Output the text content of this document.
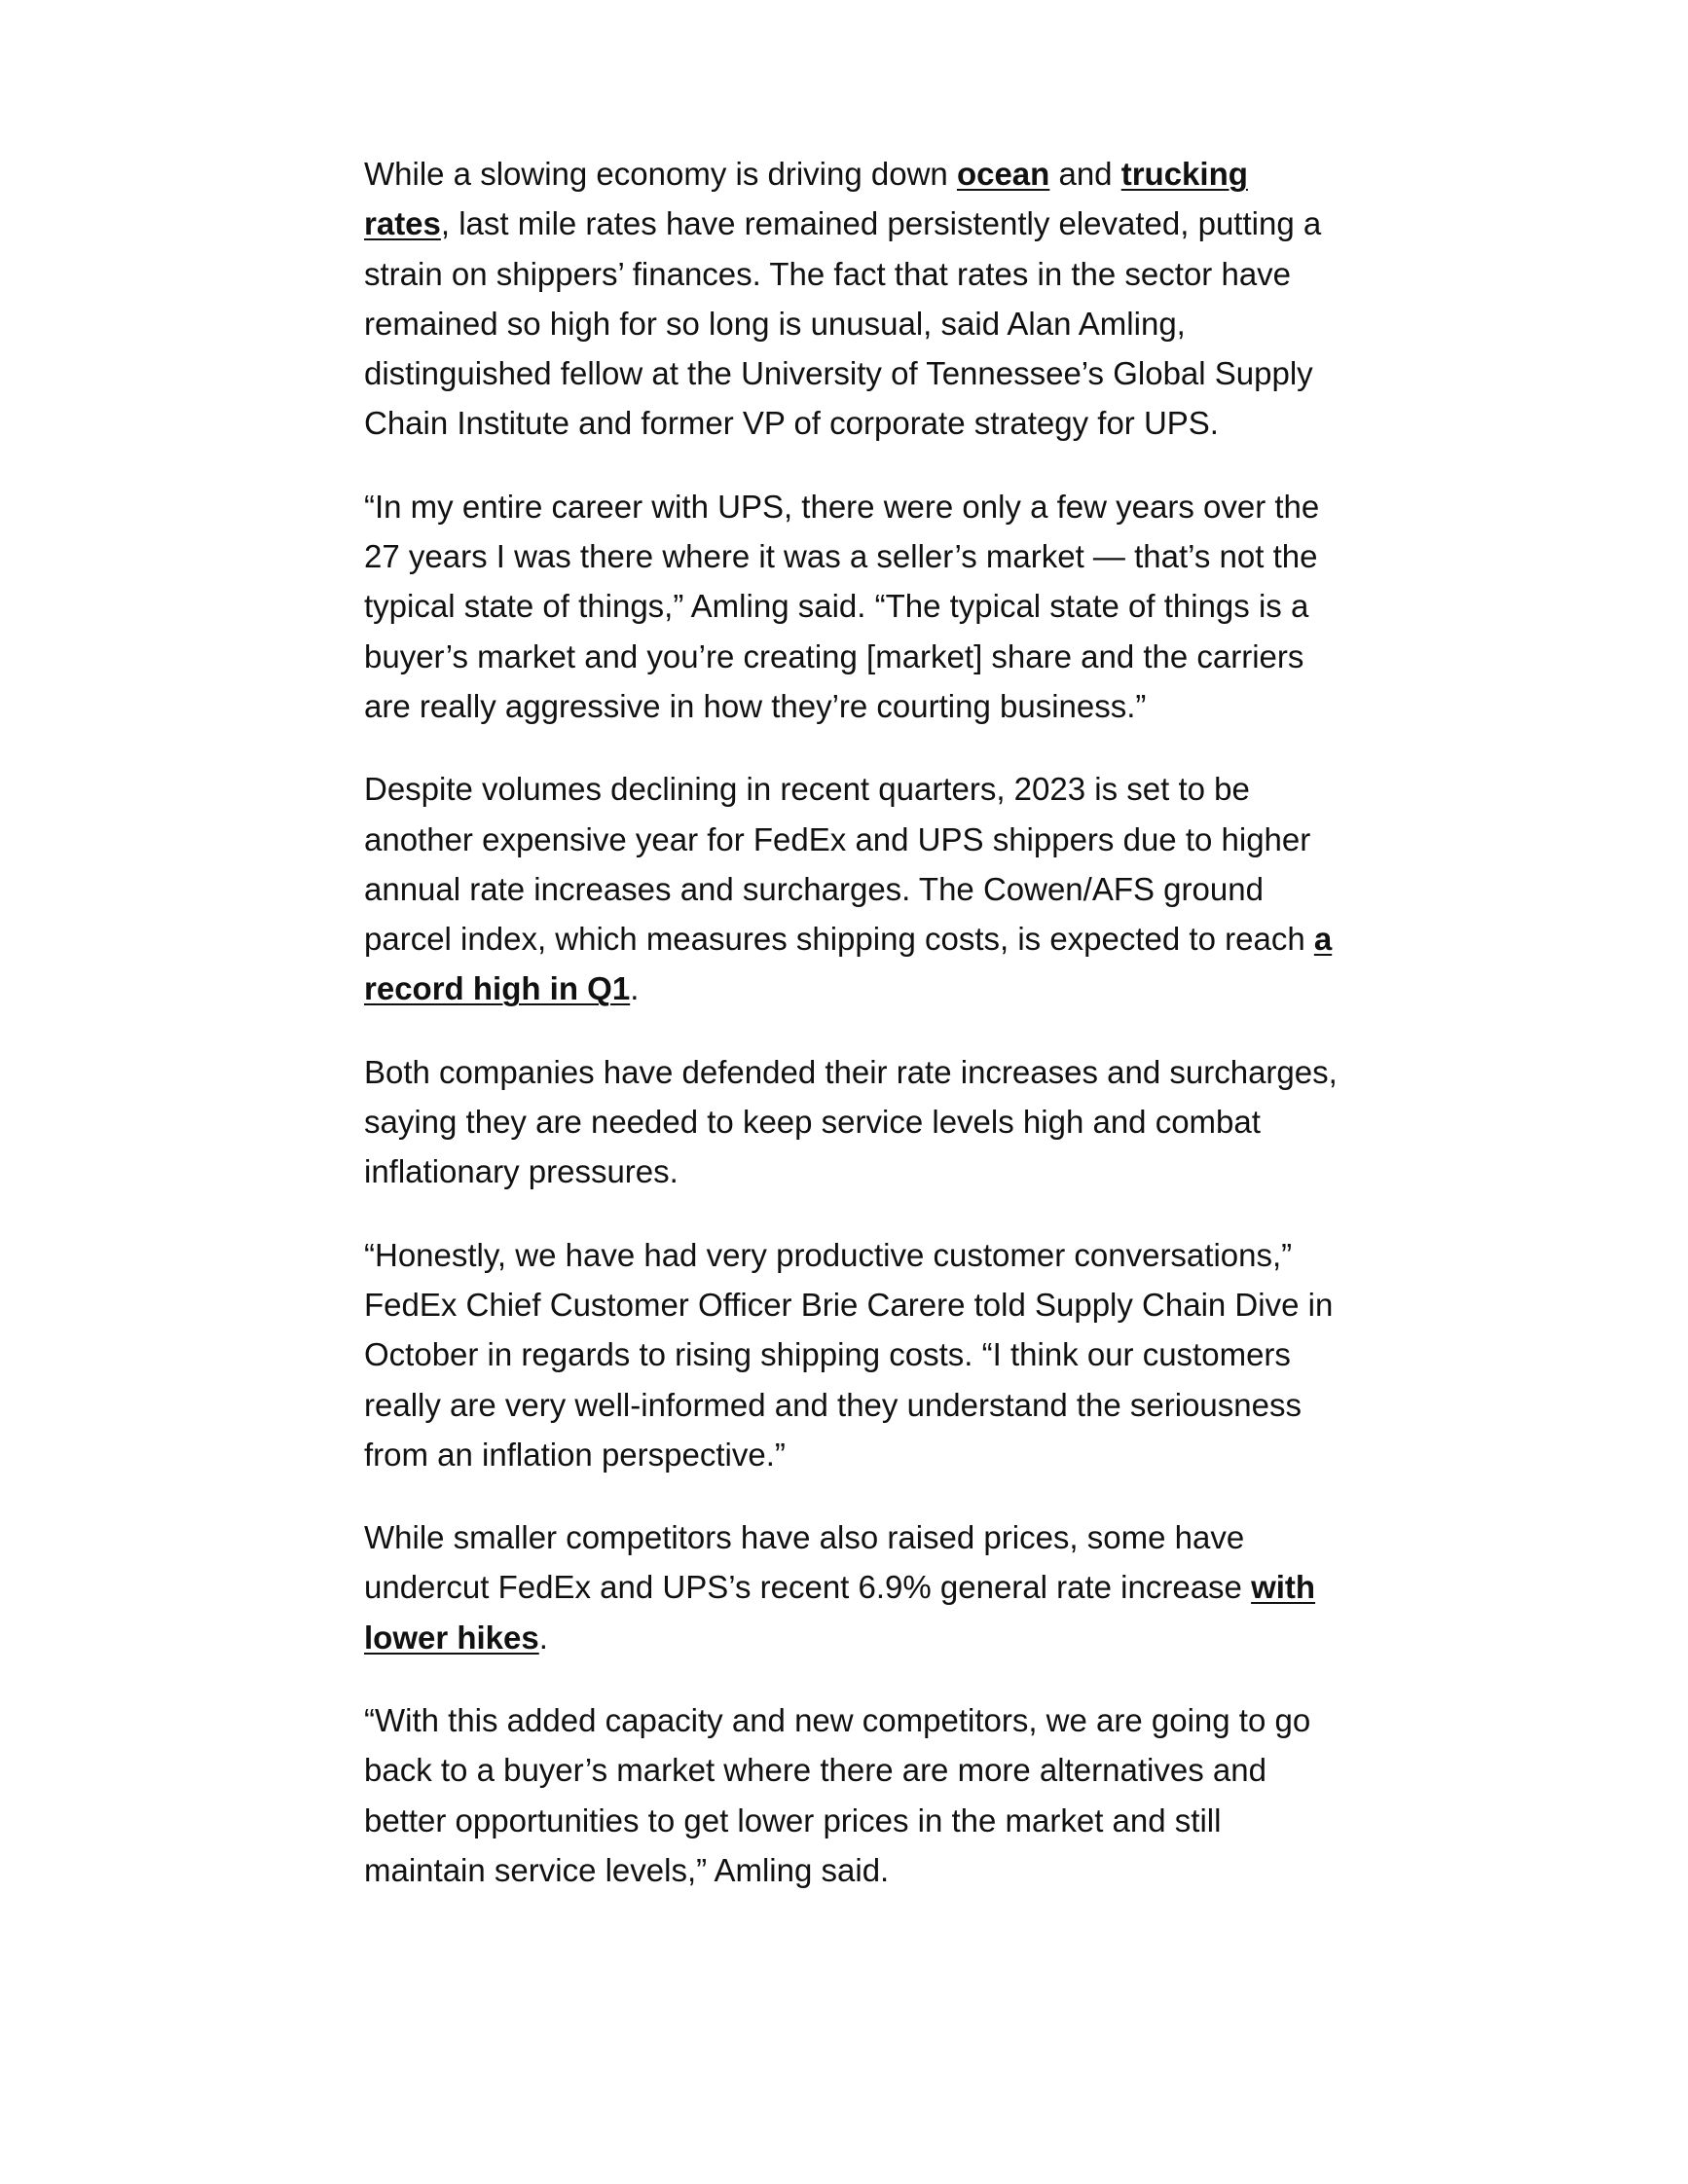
While a slowing economy is driving down ocean and trucking rates, last mile rates have remained persistently elevated, putting a strain on shippers’ finances. The fact that rates in the sector have remained so high for so long is unusual, said Alan Amling, distinguished fellow at the University of Tennessee’s Global Supply Chain Institute and former VP of corporate strategy for UPS.

“In my entire career with UPS, there were only a few years over the 27 years I was there where it was a seller’s market — that’s not the typical state of things,” Amling said. “The typical state of things is a buyer’s market and you’re creating [market] share and the carriers are really aggressive in how they’re courting business.”

Despite volumes declining in recent quarters, 2023 is set to be another expensive year for FedEx and UPS shippers due to higher annual rate increases and surcharges. The Cowen/AFS ground parcel index, which measures shipping costs, is expected to reach a record high in Q1.

Both companies have defended their rate increases and surcharges, saying they are needed to keep service levels high and combat inflationary pressures.

“Honestly, we have had very productive customer conversations,” FedEx Chief Customer Officer Brie Carere told Supply Chain Dive in October in regards to rising shipping costs. “I think our customers really are very well-informed and they understand the seriousness from an inflation perspective.”

While smaller competitors have also raised prices, some have undercut FedEx and UPS’s recent 6.9% general rate increase with lower hikes.

“With this added capacity and new competitors, we are going to go back to a buyer’s market where there are more alternatives and better opportunities to get lower prices in the market and still maintain service levels,” Amling said.
